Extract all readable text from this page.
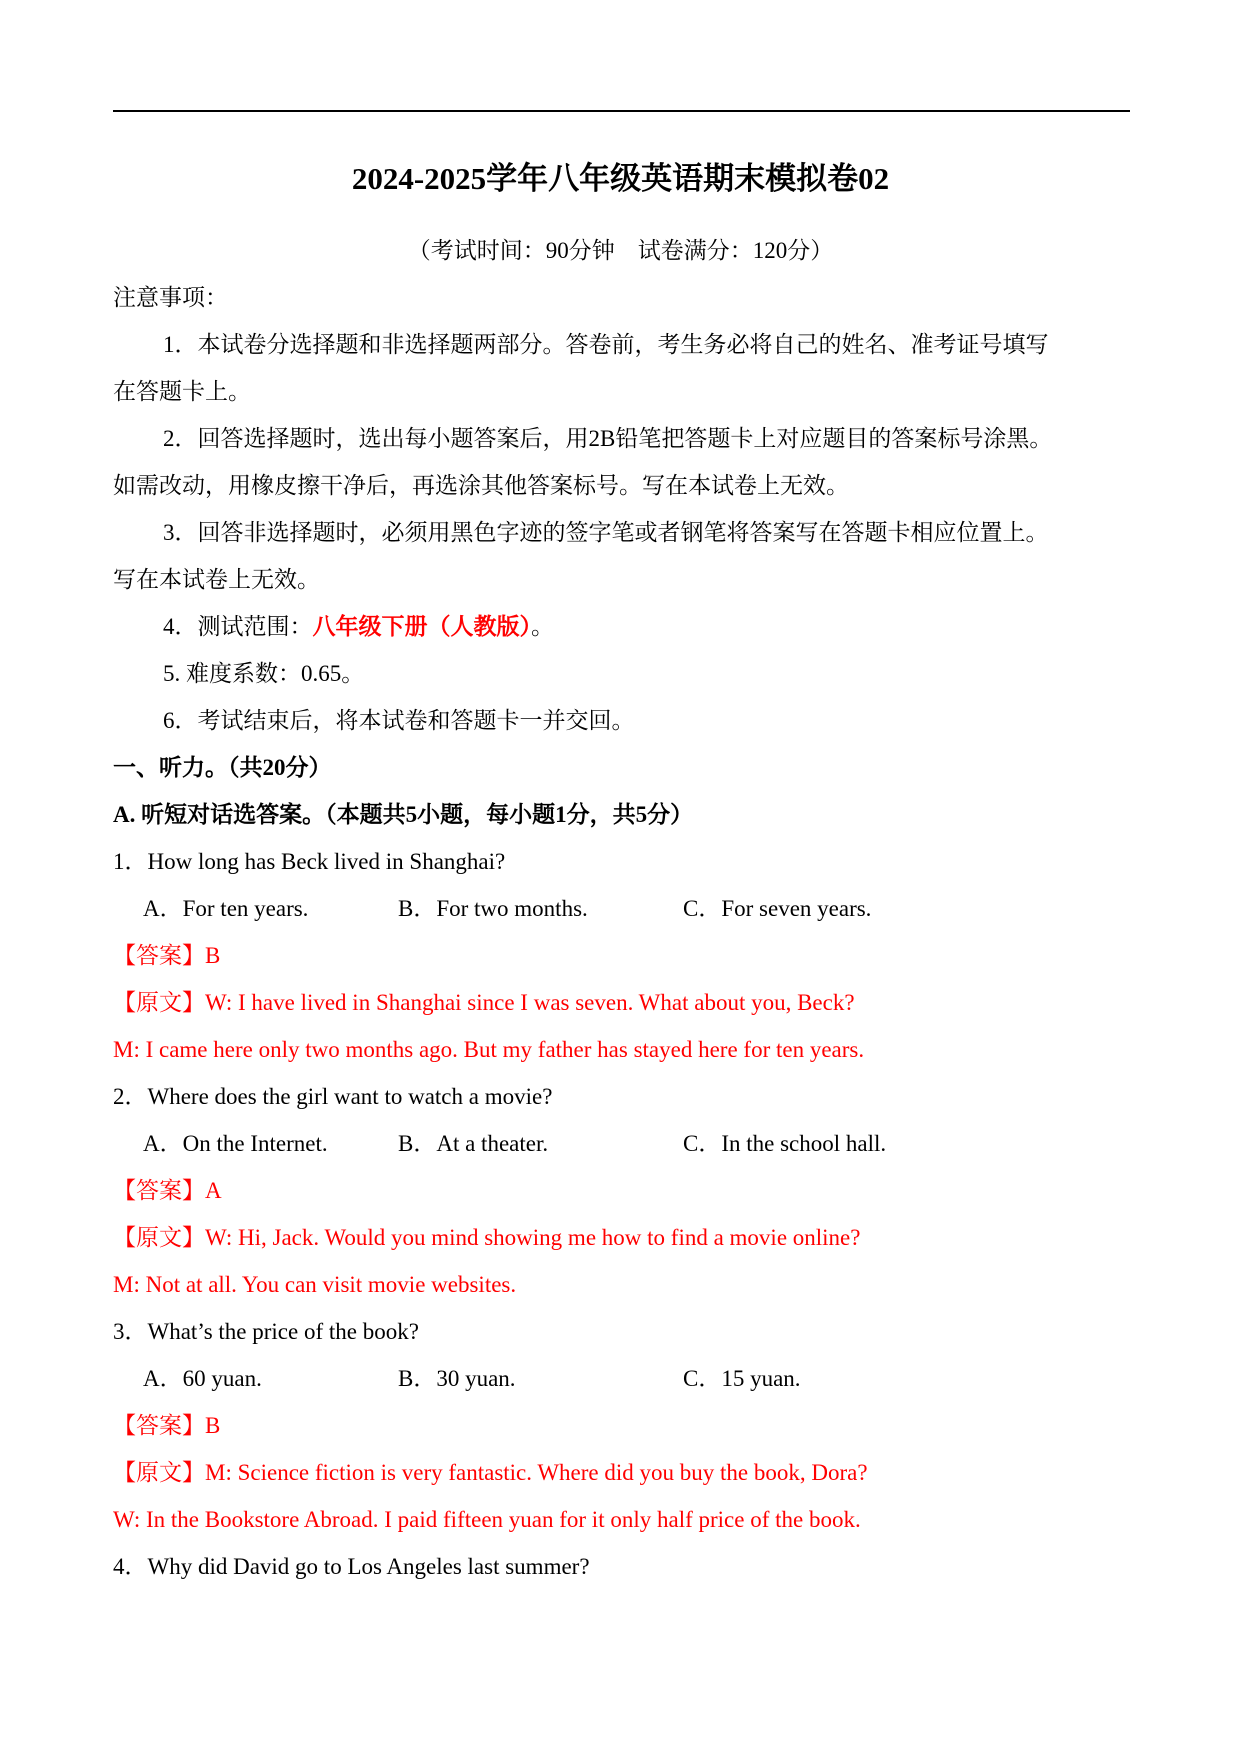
2024-2025学年八年级英语期末模拟卷02
（考试时间：90分钟　试卷满分：120分）
注意事项：
1．本试卷分选择题和非选择题两部分。答卷前，考生务必将自己的姓名、准考证号填写
在答题卡上。
2．回答选择题时，选出每小题答案后，用2B铅笔把答题卡上对应题目的答案标号涂黑。
如需改动，用橡皮擦干净后，再选涂其他答案标号。写在本试卷上无效。
3．回答非选择题时，必须用黑色字迹的签字笔或者钢笔将答案写在答题卡相应位置上。
写在本试卷上无效。
4．测试范围：八年级下册（人教版）。
5. 难度系数：0.65。
6．考试结束后，将本试卷和答题卡一并交回。
一、听力。（共20分）
A. 听短对话选答案。（本题共5小题，每小题1分，共5分）
1．How long has Beck lived in Shanghai?
A．For ten years.	B．For two months.	C．For seven years.
【答案】B
【原文】W: I have lived in Shanghai since I was seven. What about you, Beck?
M: I came here only two months ago. But my father has stayed here for ten years.
2．Where does the girl want to watch a movie?
A．On the Internet.	B．At a theater.	C．In the school hall.
【答案】A
【原文】W: Hi, Jack. Would you mind showing me how to find a movie online?
M: Not at all. You can visit movie websites.
3．What’s the price of the book?
A．60 yuan.	B．30 yuan.	C．15 yuan.
【答案】B
【原文】M: Science fiction is very fantastic. Where did you buy the book, Dora?
W: In the Bookstore Abroad. I paid fifteen yuan for it only half price of the book.
4．Why did David go to Los Angeles last summer?
